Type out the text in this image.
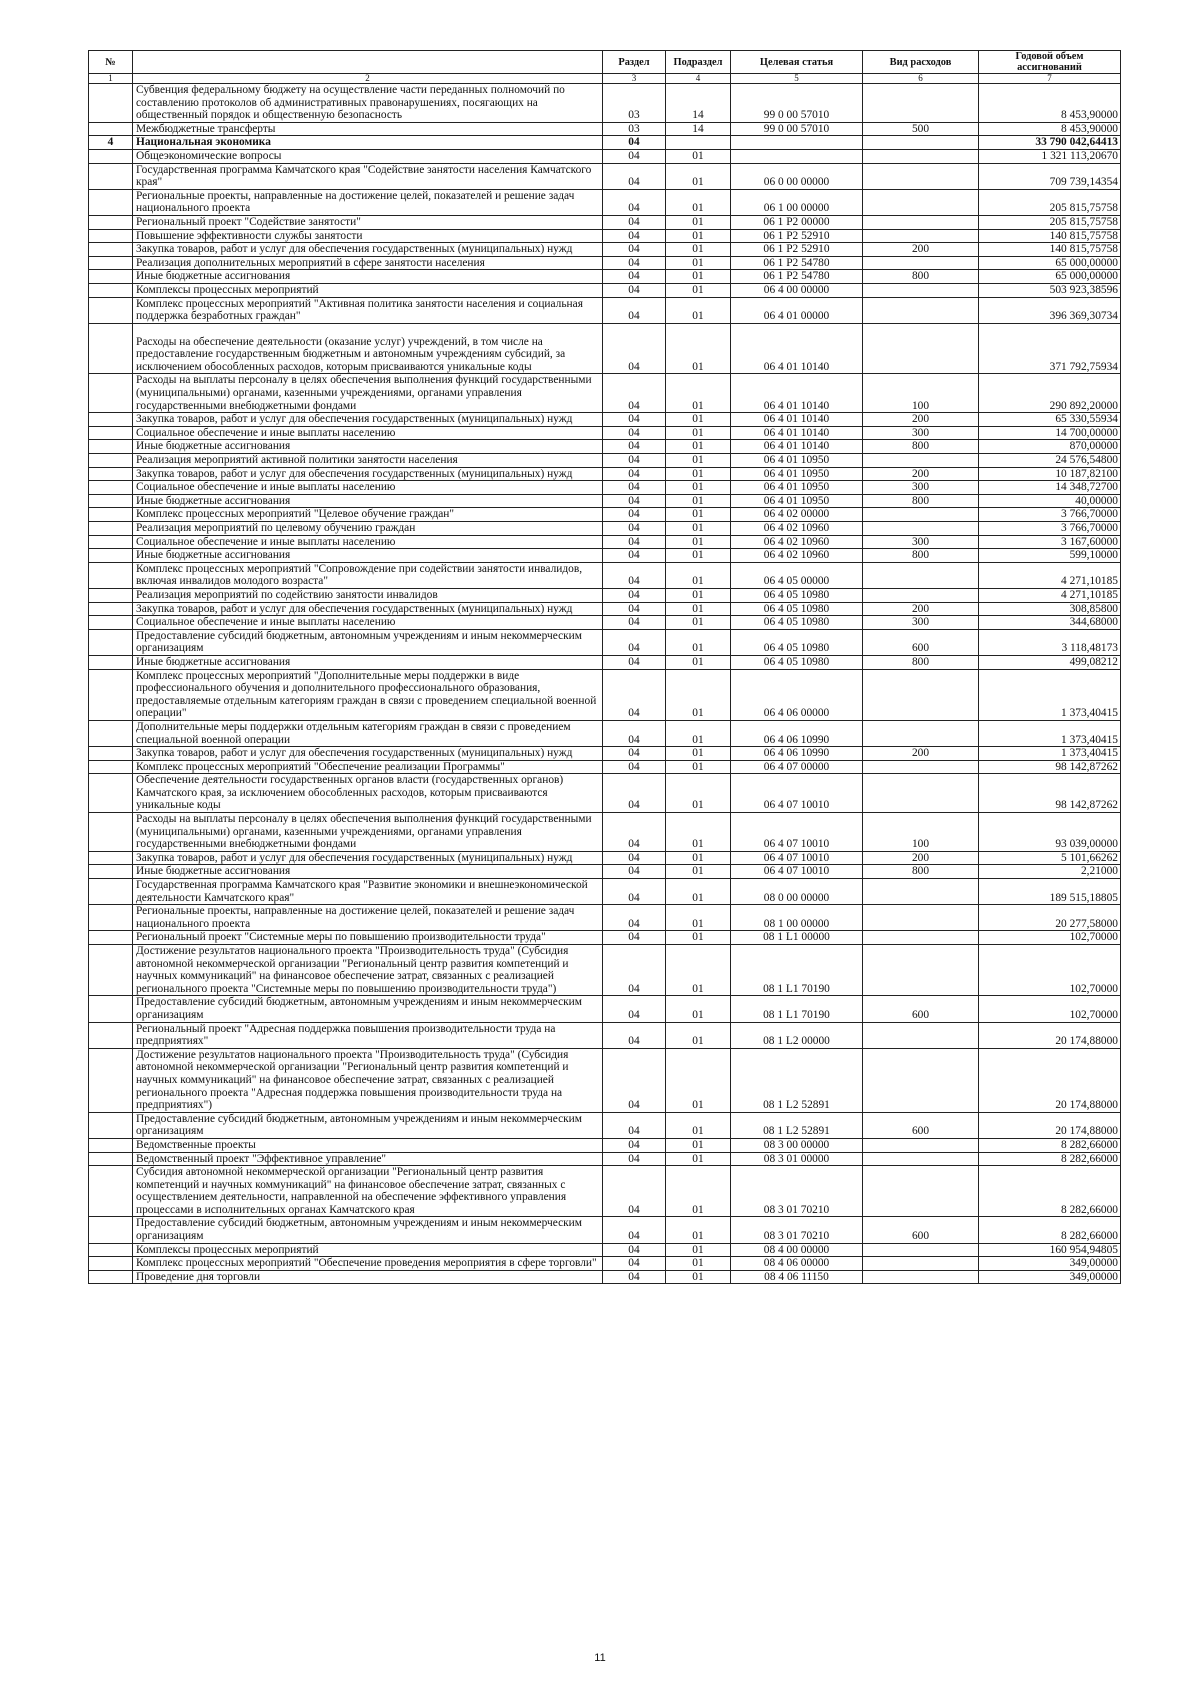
№		Раздел	Подраздел	Целевая статья	Вид расходов	Годовой объем ассигнований
1	2	3	4	5	6	7
	Субвенция федеральному бюджету на осуществление части переданных полномочий по составлению протоколов об административных правонарушениях, посягающих на общественный порядок и общественную безопасность	03	14	99 0 00 57010		8 453,90000
	Межбюджетные трансферты	03	14	99 0 00 57010	500	8 453,90000
4	Национальная экономика	04				33 790 042,64413
	Общеэкономические вопросы	04	01			1 321 113,20670
	Государственная программа Камчатского края "Содействие занятости населения Камчатского края"	04	01	06 0 00 00000		709 739,14354
	Региональные проекты, направленные на достижение целей, показателей и решение задач национального проекта	04	01	06 1 00 00000		205 815,75758
	Региональный проект "Содействие занятости"	04	01	06 1 Р2 00000		205 815,75758
	Повышение эффективности службы занятости	04	01	06 1 Р2 52910		140 815,75758
	Закупка товаров, работ и услуг для обеспечения государственных (муниципальных) нужд	04	01	06 1 Р2 52910	200	140 815,75758
	Реализация дополнительных мероприятий в сфере занятости населения	04	01	06 1 Р2 54780		65 000,00000
	Иные бюджетные ассигнования	04	01	06 1 Р2 54780	800	65 000,00000
	Комплексы процессных мероприятий	04	01	06 4 00 00000		503 923,38596
	Комплекс процессных мероприятий "Активная политика занятости населения и социальная поддержка безработных граждан"	04	01	06 4 01 00000		396 369,30734
	Расходы на обеспечение деятельности (оказание услуг) учреждений, в том числе на предоставление государственным бюджетным и автономным учреждениям субсидий, за исключением обособленных расходов, которым присваиваются уникальные коды	04	01	06 4 01 10140		371 792,75934
	Расходы на выплаты персоналу в целях обеспечения выполнения функций государственными (муниципальными) органами, казенными учреждениями, органами управления государственными внебюджетными фондами	04	01	06 4 01 10140	100	290 892,20000
	Закупка товаров, работ и услуг для обеспечения государственных (муниципальных) нужд	04	01	06 4 01 10140	200	65 330,55934
	Социальное обеспечение и иные выплаты населению	04	01	06 4 01 10140	300	14 700,00000
	Иные бюджетные ассигнования	04	01	06 4 01 10140	800	870,00000
	Реализация мероприятий активной политики занятости населения	04	01	06 4 01 10950		24 576,54800
	Закупка товаров, работ и услуг для обеспечения государственных (муниципальных) нужд	04	01	06 4 01 10950	200	10 187,82100
	Социальное обеспечение и иные выплаты населению	04	01	06 4 01 10950	300	14 348,72700
	Иные бюджетные ассигнования	04	01	06 4 01 10950	800	40,00000
	Комплекс процессных мероприятий "Целевое обучение граждан"	04	01	06 4 02 00000		3 766,70000
	Реализация мероприятий по целевому обучению граждан	04	01	06 4 02 10960		3 766,70000
	Социальное обеспечение и иные выплаты населению	04	01	06 4 02 10960	300	3 167,60000
	Иные бюджетные ассигнования	04	01	06 4 02 10960	800	599,10000
	Комплекс процессных мероприятий "Сопровождение при содействии занятости инвалидов, включая инвалидов молодого возраста"	04	01	06 4 05 00000		4 271,10185
	Реализация мероприятий по содействию занятости инвалидов	04	01	06 4 05 10980		4 271,10185
	Закупка товаров, работ и услуг для обеспечения государственных (муниципальных) нужд	04	01	06 4 05 10980	200	308,85800
	Социальное обеспечение и иные выплаты населению	04	01	06 4 05 10980	300	344,68000
	Предоставление субсидий бюджетным, автономным учреждениям и иным некоммерческим организациям	04	01	06 4 05 10980	600	3 118,48173
	Иные бюджетные ассигнования	04	01	06 4 05 10980	800	499,08212
	Комплекс процессных мероприятий "Дополнительные меры поддержки в виде профессионального обучения и дополнительного профессионального образования, предоставляемые отдельным категориям граждан в связи с проведением специальной военной операции"	04	01	06 4 06 00000		1 373,40415
	Дополнительные меры поддержки отдельным категориям граждан в связи с проведением специальной военной операции	04	01	06 4 06 10990		1 373,40415
	Закупка товаров, работ и услуг для обеспечения государственных (муниципальных) нужд	04	01	06 4 06 10990	200	1 373,40415
	Комплекс процессных мероприятий "Обеспечение реализации Программы"	04	01	06 4 07 00000		98 142,87262
	Обеспечение деятельности государственных органов власти (государственных органов) Камчатского края, за исключением обособленных расходов, которым присваиваются уникальные коды	04	01	06 4 07 10010		98 142,87262
	Расходы на выплаты персоналу в целях обеспечения выполнения функций государственными (муниципальными) органами, казенными учреждениями, органами управления государственными внебюджетными фондами	04	01	06 4 07 10010	100	93 039,00000
	Закупка товаров, работ и услуг для обеспечения государственных (муниципальных) нужд	04	01	06 4 07 10010	200	5 101,66262
	Иные бюджетные ассигнования	04	01	06 4 07 10010	800	2,21000
	Государственная программа Камчатского края "Развитие экономики и внешнеэкономической деятельности Камчатского края"	04	01	08 0 00 00000		189 515,18805
	Региональные проекты, направленные на достижение целей, показателей и решение задач национального проекта	04	01	08 1 00 00000		20 277,58000
	Региональный проект "Системные меры по повышению производительности труда"	04	01	08 1 L1 00000		102,70000
	Достижение результатов национального проекта "Производительность труда" (Субсидия автономной некоммерческой организации "Региональный центр развития компетенций и научных коммуникаций" на финансовое обеспечение затрат, связанных с реализацией регионального проекта "Системные меры по повышению производительности труда")	04	01	08 1 L1 70190		102,70000
	Предоставление субсидий бюджетным, автономным учреждениям и иным некоммерческим организациям	04	01	08 1 L1 70190	600	102,70000
	Региональный проект "Адресная поддержка повышения производительности труда на предприятиях"	04	01	08 1 L2 00000		20 174,88000
	Достижение результатов национального проекта "Производительность труда" (Субсидия автономной некоммерческой организации "Региональный центр развития компетенций и научных коммуникаций" на финансовое обеспечение затрат, связанных с реализацией регионального проекта "Адресная поддержка повышения производительности труда на предприятиях")	04	01	08 1 L2 52891		20 174,88000
	Предоставление субсидий бюджетным, автономным учреждениям и иным некоммерческим организациям	04	01	08 1 L2 52891	600	20 174,88000
	Ведомственные проекты	04	01	08 3 00 00000		8 282,66000
	Ведомственный проект "Эффективное управление"	04	01	08 3 01 00000		8 282,66000
	Субсидия автономной некоммерческой организации "Региональный центр развития компетенций и научных коммуникаций" на финансовое обеспечение затрат, связанных с осуществлением деятельности, направленной на обеспечение эффективного управления процессами в исполнительных органах Камчатского края	04	01	08 3 01 70210		8 282,66000
	Предоставление субсидий бюджетным, автономным учреждениям и иным некоммерческим организациям	04	01	08 3 01 70210	600	8 282,66000
	Комплексы процессных мероприятий	04	01	08 4 00 00000		160 954,94805
	Комплекс процессных мероприятий "Обеспечение проведения мероприятия в сфере торговли"	04	01	08 4 06 00000		349,00000
	Проведение дня торговли	04	01	08 4 06 11150		349,00000
11
